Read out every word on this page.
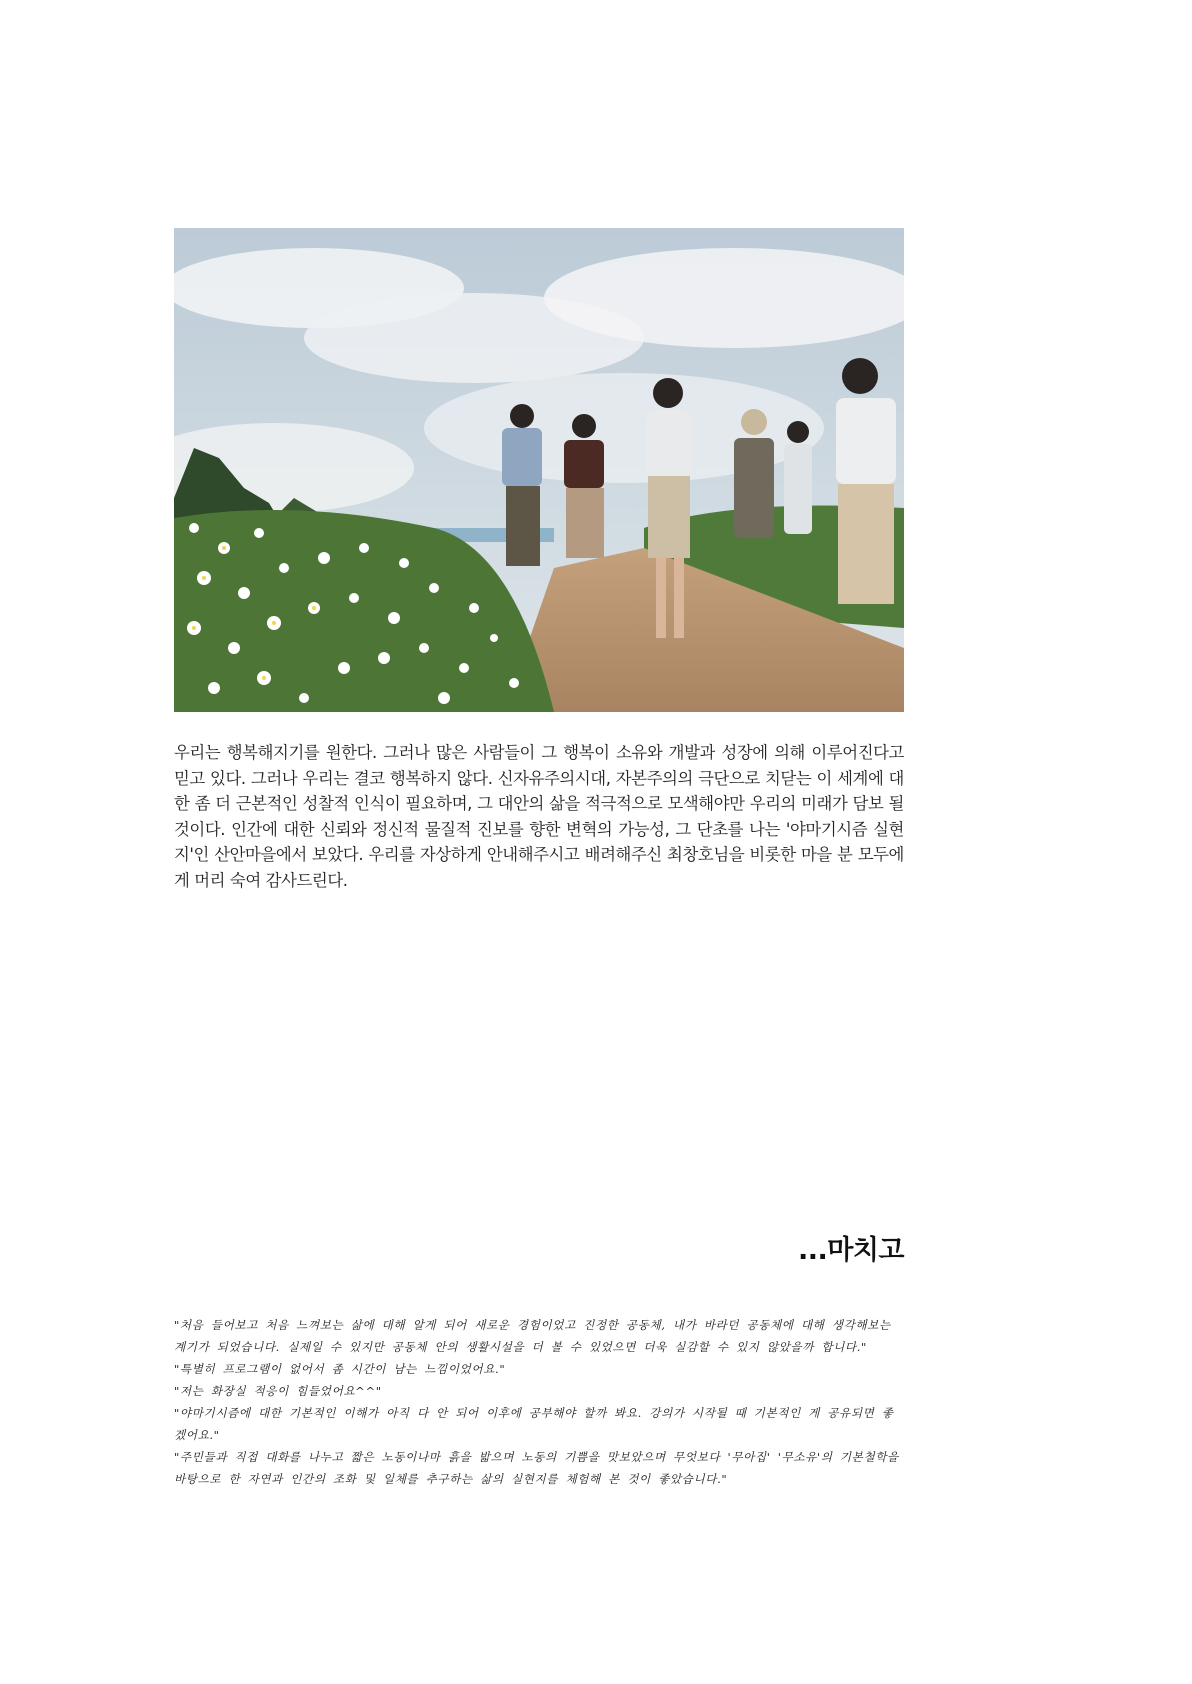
우리는 행복해지기를 원한다. 그러나 많은 사람들이 그 행복이 소유와 개발과 성장에 의해 이루어진다고 믿고 있다. 그러나 우리는 결코 행복하지 않다. 신자유주의시대, 자본주의의 극단으로 치닫는 이 세계에 대한 좀 더 근본적인 성찰적 인식이 필요하며, 그 대안의 삶을 적극적으로 모색해야만 우리의 미래가 담보 될 것이다. 인간에 대한 신뢰와 정신적 물질적 진보를 향한 변혁의 가능성, 그 단초를 나는 '야마기시즘 실현지'인 산안마을에서 보았다. 우리를 자상하게 안내해주시고 배려해주신 최창호님을 비롯한 마을 분 모두에게 머리 숙여 감사드린다.
...마치고

"처음 들어보고 처음 느껴보는 삶에 대해 알게 되어 새로운 경험이었고 진정한 공동체, 내가 바라던 공동체에 대해 생각해보는 계기가 되었습니다. 실제일 수 있지만 공동체 안의 생활시설을 더 볼 수 있었으면 더욱 실감할 수 있지 않았을까 합니다."

"특별히 프로그램이 없어서 좀 시간이 남는 느낌이었어요."

"저는 화장실 적응이 힘들었어요^^"

"야마기시즘에 대한 기본적인 이해가 아직 다 안 되어 이후에 공부해야 할까 봐요. 강의가 시작될 때 기본적인 게 공유되면 좋겠어요."

"주민들과 직접 대화를 나누고 짧은 노동이나마 흙을 밟으며 노동의 기쁨을 맛보았으며 무엇보다 '무아집' '무소유'의 기본철학을 바탕으로 한 자연과 인간의 조화 및 일체를 추구하는 삶의 실현지를 체험해 본 것이 좋았습니다."
